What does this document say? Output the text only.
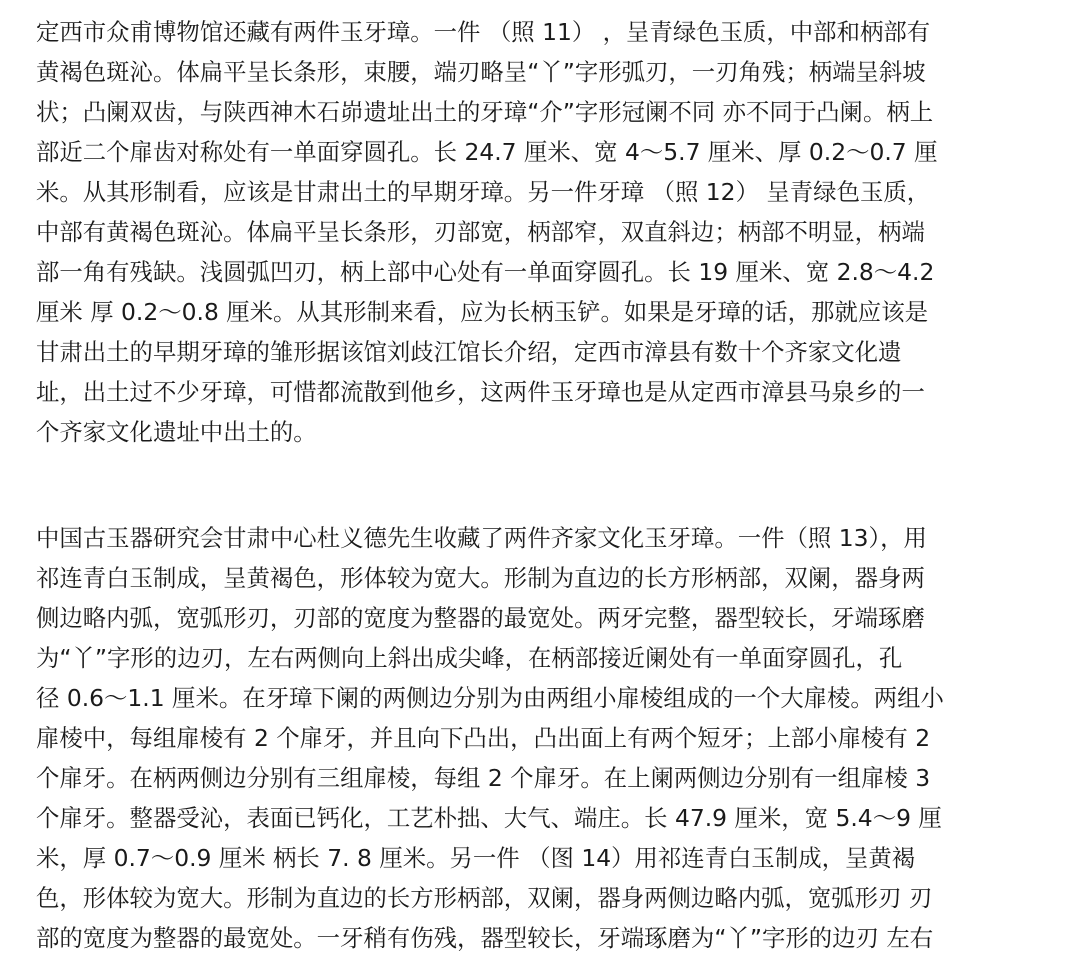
定西市众甫博物馆还藏有两件玉牙璋。一件 （照 11） ，呈青绿色玉质，中部和柄部有
黄褐色斑沁。体扁平呈长条形，束腰，端刃略呈“丫”字形弧刃，一刃角残；柄端呈斜坡
状；凸阑双齿，与陕西神木石峁遗址出土的牙璋“介”字形冠阑不同 亦不同于凸阑。柄上
部近二个扉齿对称处有一单面穿圆孔。长 24.7 厘米、宽 4～5.7 厘米、厚 0.2～0.7 厘
米。从其形制看，应该是甘肃出土的早期牙璋。另一件牙璋 （照 12） 呈青绿色玉质，
中部有黄褐色斑沁。体扁平呈长条形，刃部宽，柄部窄，双直斜边；柄部不明显，柄端
部一角有残缺。浅圆弧凹刃，柄上部中心处有一单面穿圆孔。长 19 厘米、宽 2.8～4.2
厘米 厚 0.2～0.8 厘米。从其形制来看，应为长柄玉铲。如果是牙璋的话，那就应该是
甘肃出土的早期牙璋的雏形据该馆刘歧江馆长介绍，定西市漳县有数十个齐家文化遗
址，出土过不少牙璋，可惜都流散到他乡，这两件玉牙璋也是从定西市漳县马泉乡的一
个齐家文化遗址中出土的。
中国古玉器研究会甘肃中心杜义德先生收藏了两件齐家文化玉牙璋。一件（照 13），用
祁连青白玉制成，呈黄褐色，形体较为宽大。形制为直边的长方形柄部，双阑，器身两
侧边略内弧，宽弧形刃，刃部的宽度为整器的最宽处。两牙完整，器型较长，牙端琢磨
为“丫”字形的边刃，左右两侧向上斜出成尖峰，在柄部接近阑处有一单面穿圆孔，孔
径 0.6～1.1 厘米。在牙璋下阑的两侧边分别为由两组小扉棱组成的一个大扉棱。两组小
扉棱中，每组扉棱有 2 个扉牙，并且向下凸出，凸出面上有两个短牙；上部小扉棱有 2
个扉牙。在柄两侧边分别有三组扉棱，每组 2 个扉牙。在上阑两侧边分别有一组扉棱 3
个扉牙。整器受沁，表面已钙化，工艺朴拙、大气、端庄。长 47.9 厘米，宽 5.4～9 厘
米，厚 0.7～0.9 厘米 柄长 7. 8 厘米。另一件 （图 14）用祁连青白玉制成，呈黄褐
色，形体较为宽大。形制为直边的长方形柄部，双阑，器身两侧边略内弧，宽弧形刃 刃
部的宽度为整器的最宽处。一牙稍有伤残，器型较长，牙端琢磨为“丫”字形的边刃 左右
